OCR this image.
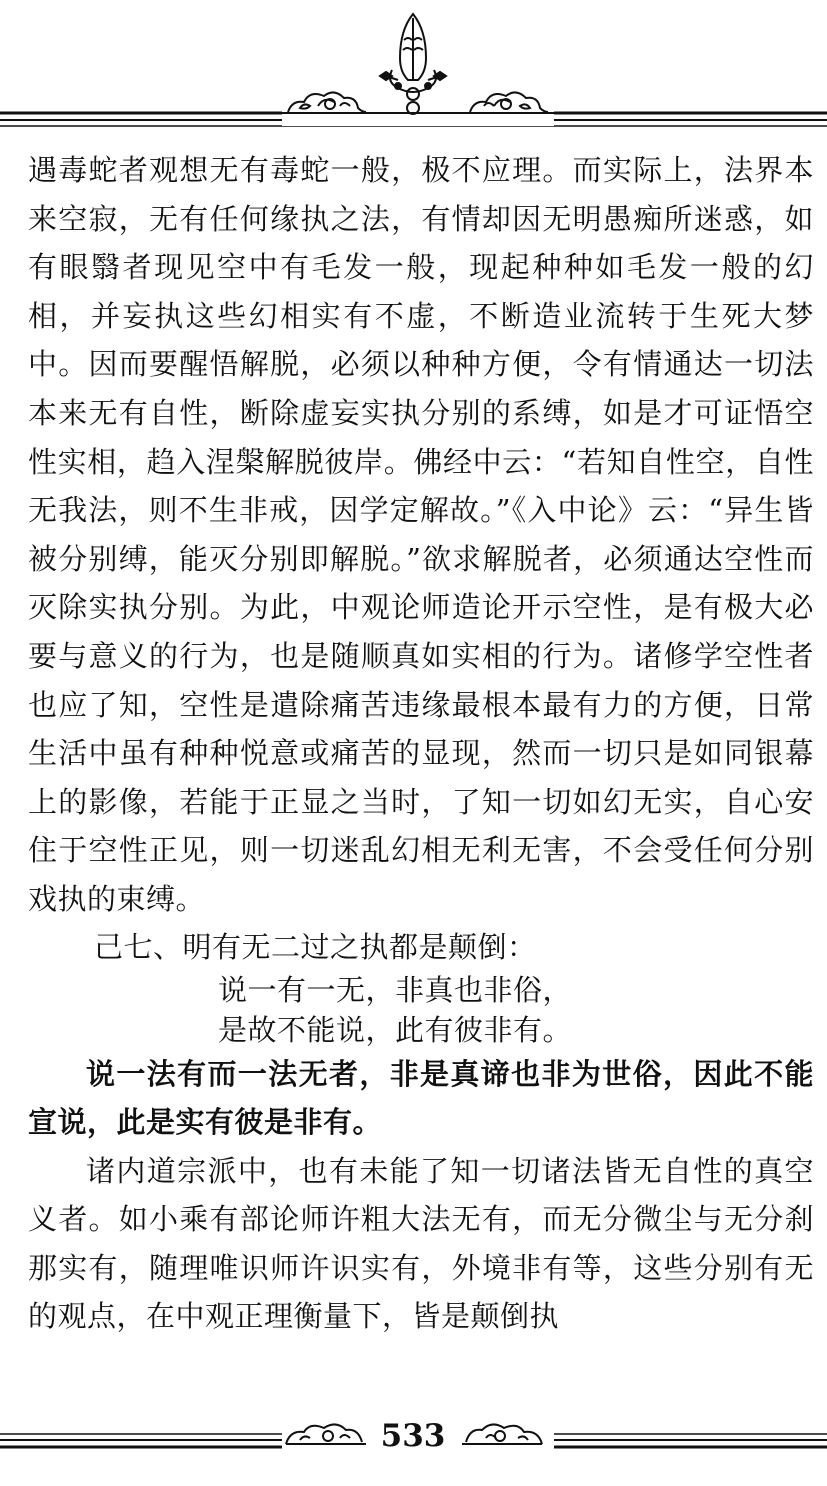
遇毒蛇者观想无有毒蛇一般，极不应理。而实际上，法界本来空寂，无有任何缘执之法，有情却因无明愚痴所迷惑，如有眼翳者现见空中有毛发一般，现起种种如毛发一般的幻相，并妄执这些幻相实有不虚，不断造业流转于生死大梦中。因而要醒悟解脱，必须以种种方便，令有情通达一切法本来无有自性，断除虚妄实执分别的系缚，如是才可证悟空性实相，趋入涅槃解脱彼岸。佛经中云：“若知自性空，自性无我法，则不生非戒，因学定解故。”《入中论》云：“异生皆被分别缚，能灭分别即解脱。”欲求解脱者，必须通达空性而灭除实执分别。为此，中观论师造论开示空性，是有极大必要与意义的行为，也是随顺真如实相的行为。诸修学空性者也应了知，空性是遣除痛苦违缘最根本最有力的方便，日常生活中虽有种种悦意或痛苦的显现，然而一切只是如同银幕上的影像，若能于正显之当时，了知一切如幻无实，自心安住于空性正见，则一切迷乱幻相无利无害，不会受任何分别戏执的束缚。

己七、明有无二过之执都是颠倒：

说一有一无，非真也非俗，

是故不能说，此有彼非有。

说一法有而一法无者，非是真谛也非为世俗，因此不能宣说，此是实有彼是非有。

诸内道宗派中，也有未能了知一切诸法皆无自性的真空义者。如小乘有部论师许粗大法无有，而无分微尘与无分刹那实有，随理唯识师许识实有，外境非有等，这些分别有无的观点，在中观正理衡量下，皆是颠倒执

533
